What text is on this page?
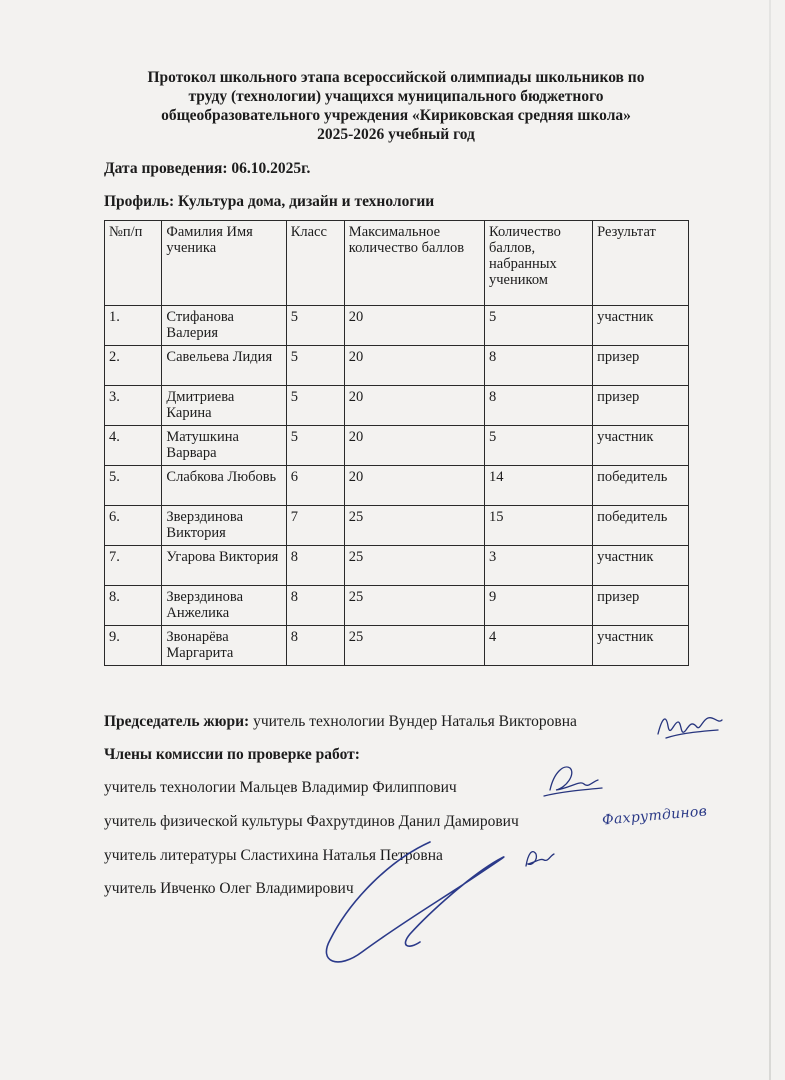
Протокол школьного этапа всероссийской олимпиады школьников по
труду (технологии) учащихся муниципального бюджетного
общеобразовательного учреждения «Кириковская средняя школа»
2025-2026 учебный год
Дата проведения: 06.10.2025г.
Профиль: Культура дома, дизайн и технологии
№п/п	Фамилия Имя ученика	Класс	Максимальное количество баллов	Количество баллов, набранных учеником	Результат
1.	Стифанова Валерия	5	20	5	участник
2.	Савельева Лидия	5	20	8	призер
3.	Дмитриева Карина	5	20	8	призер
4.	Матушкина Варвара	5	20	5	участник
5.	Слабкова Любовь	6	20	14	победитель
6.	Зверздинова Виктория	7	25	15	победитель
7.	Угарова Виктория	8	25	3	участник
8.	Зверздинова Анжелика	8	25	9	призер
9.	Звонарёва Маргарита	8	25	4	участник
Председатель жюри: учитель технологии Вундер Наталья Викторовна
Члены комиссии по проверке работ:
учитель технологии Мальцев Владимир Филиппович
учитель физической культуры Фахрутдинов Данил Дамирович
учитель литературы Сластихина Наталья Петровна
учитель Ивченко Олег Владимирович
Фахрутдинов
